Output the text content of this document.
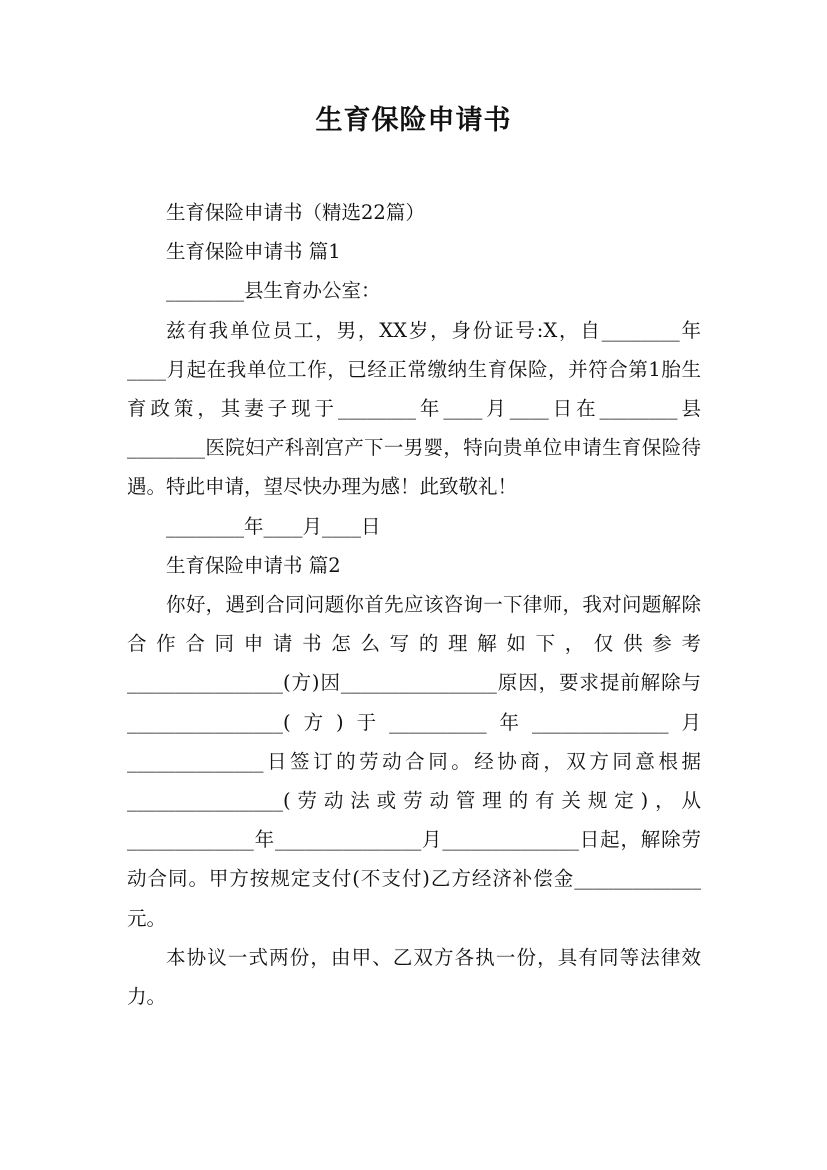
生育保险申请书

生育保险申请书（精选22篇）

生育保险申请书 篇1

________县生育办公室：

兹有我单位员工，男，XX岁，身份证号:X，自________年____月起在我单位工作，已经正常缴纳生育保险，并符合第1胎生育政策，其妻子现于________年____月____日在________县________医院妇产科剖宫产下一男婴，特向贵单位申请生育保险待遇。特此申请，望尽快办理为感！此致敬礼！

________年____月____日

生育保险申请书 篇2

你好，遇到合同问题你首先应该咨询一下律师，我对问题解除合作合同申请书怎么写的理解如下，仅供参考________________(方)因________________原因，要求提前解除与________________(方)于__________年______________月______________日签订的劳动合同。经协商，双方同意根据________________(劳动法或劳动管理的有关规定)，从_____________年_______________月______________日起，解除劳动合同。甲方按规定支付(不支付)乙方经济补偿金_____________元。

本协议一式两份，由甲、乙双方各执一份，具有同等法律效力。
